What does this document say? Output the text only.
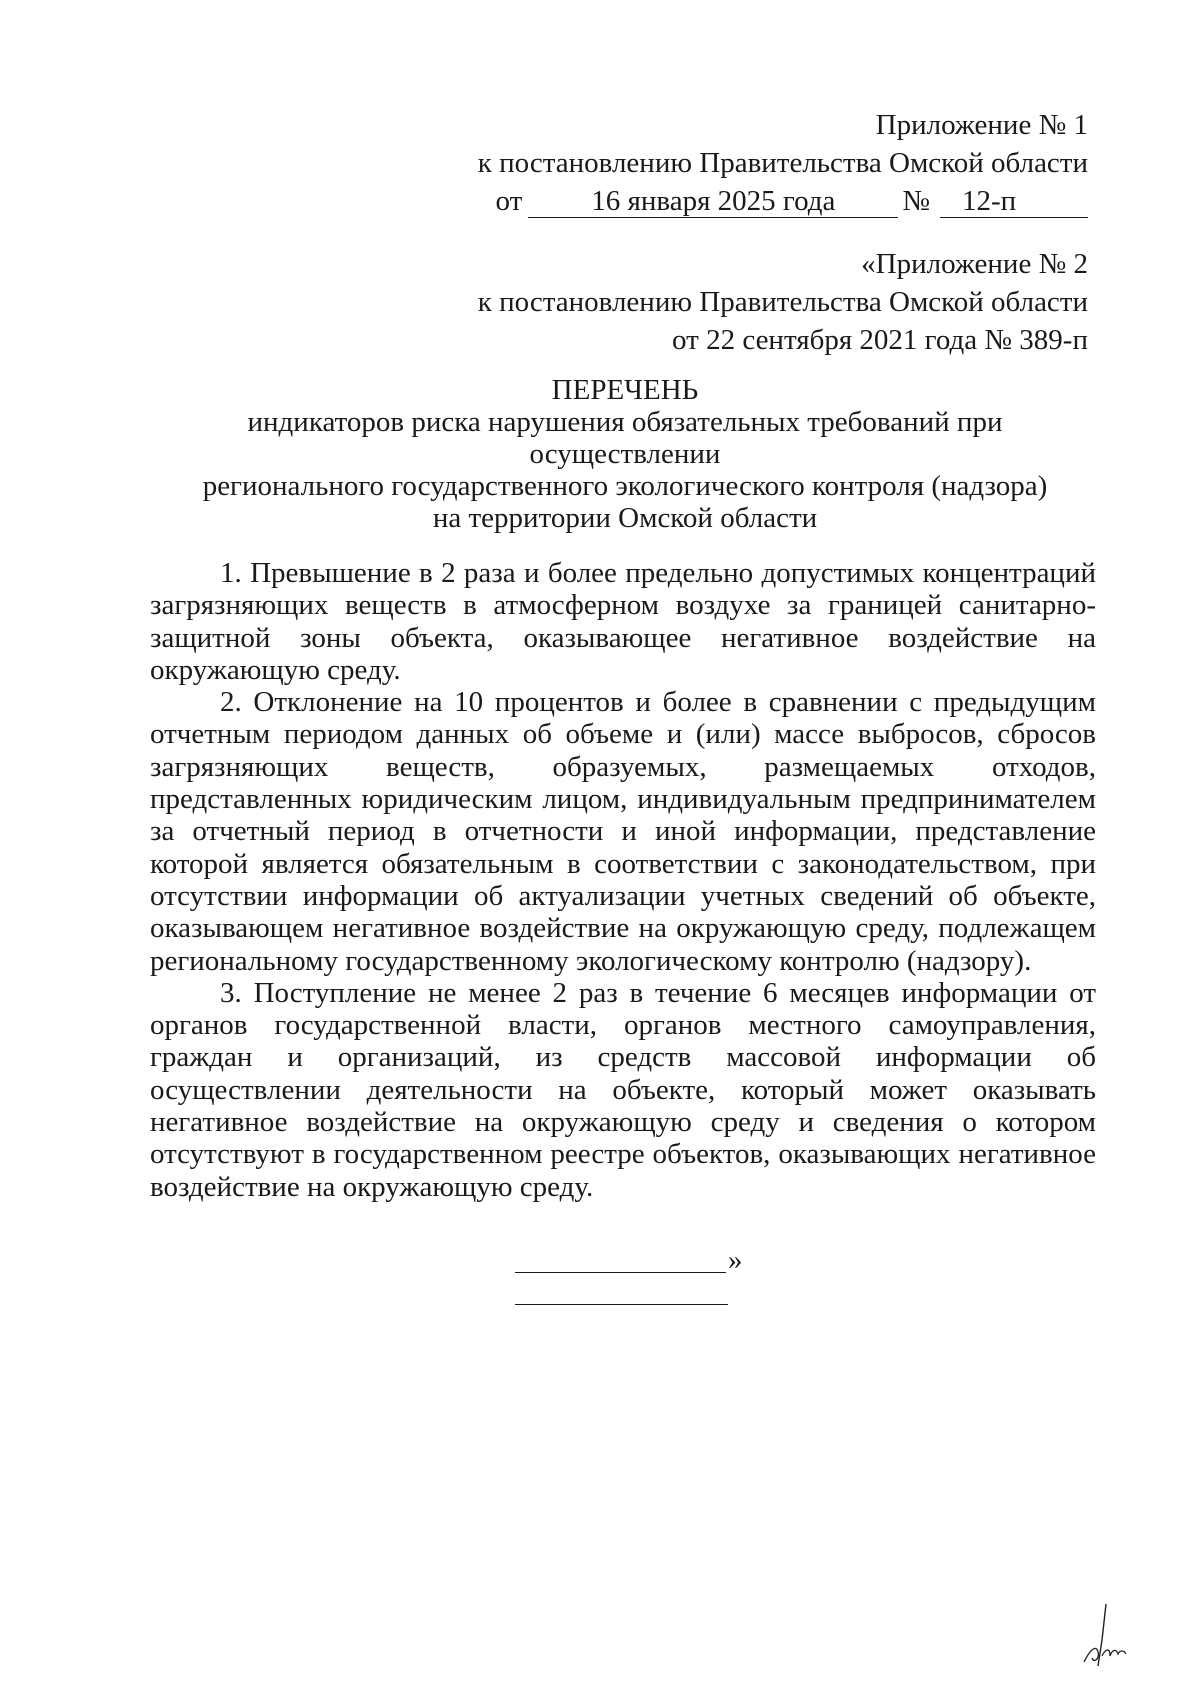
Приложение № 1
к постановлению Правительства Омской области
от 16 января 2025 года № 12-п
«Приложение № 2
к постановлению Правительства Омской области
от 22 сентября 2021 года № 389-п
ПЕРЕЧЕНЬ
индикаторов риска нарушения обязательных требований при осуществлении
регионального государственного экологического контроля (надзора)
на территории Омской области

1. Превышение в 2 раза и более предельно допустимых концентраций загрязняющих веществ в атмосферном воздухе за границей санитарно-защитной зоны объекта, оказывающее негативное воздействие на окружающую среду.

2. Отклонение на 10 процентов и более в сравнении с предыдущим отчетным периодом данных об объеме и (или) массе выбросов, сбросов загрязняющих веществ, образуемых, размещаемых отходов, представленных юридическим лицом, индивидуальным предпринимателем за отчетный период в отчетности и иной информации, представление которой является обязательным в соответствии с законодательством, при отсутствии информации об актуализации учетных сведений об объекте, оказывающем негативное воздействие на окружающую среду, подлежащем региональному государственному экологическому контролю (надзору).

3. Поступление не менее 2 раз в течение 6 месяцев информации от органов государственной власти, органов местного самоуправления, граждан и организаций, из средств массовой информации об осуществлении деятельности на объекте, который может оказывать негативное воздействие на окружающую среду и сведения о котором отсутствуют в государственном реестре объектов, оказывающих негативное воздействие на окружающую среду.

»
